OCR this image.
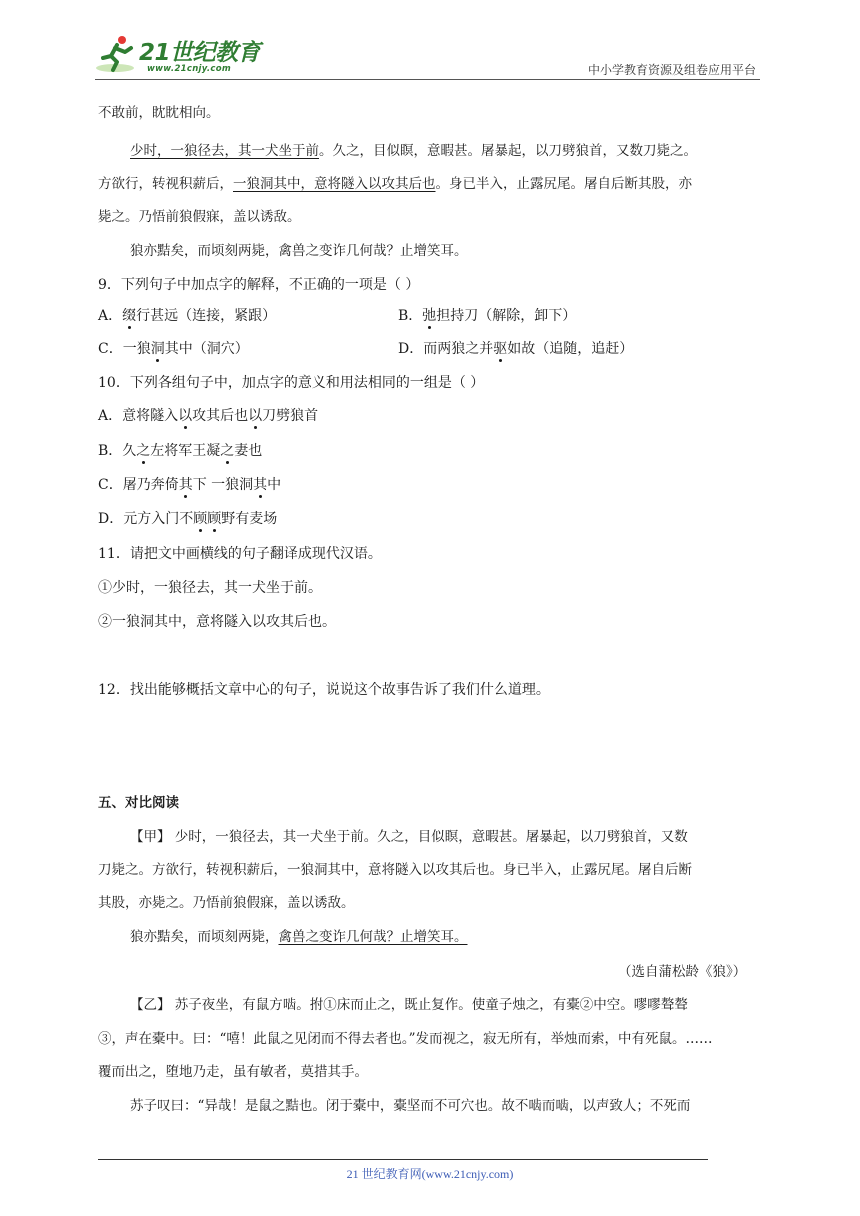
21世纪教育
www.21cnjy.com	中小学教育资源及组卷应用平台
不敢前，眈眈相向。
少时，一狼径去，其一犬坐于前。久之，目似瞑，意暇甚。屠暴起，以刀劈狼首，又数刀毙之。
方欲行，转视积薪后，一狼洞其中，意将隧入以攻其后也。身已半入，止露尻尾。屠自后断其股，亦
毙之。乃悟前狼假寐，盖以诱敌。
狼亦黠矣，而顷刻两毙，禽兽之变诈几何哉？止增笑耳。
9．下列句子中加点字的解释，不正确的一项是（ ）
A．缀行甚远（连接，紧跟）	B．弛担持刀（解除，卸下）
C．一狼洞其中（洞穴）	D．而两狼之并驱如故（追随，追赶）
10．下列各组句子中，加点字的意义和用法相同的一组是（ ）
A．意将隧入以攻其后也以刀劈狼首
B．久之左将军王凝之妻也
C．屠乃奔倚其下 一狼洞其中
D．元方入门不顾顾野有麦场
11．请把文中画横线的句子翻译成现代汉语。
①少时，一狼径去，其一犬坐于前。
②一狼洞其中，意将隧入以攻其后也。
12．找出能够概括文章中心的句子，说说这个故事告诉了我们什么道理。
五、对比阅读
【甲】 少时，一狼径去，其一犬坐于前。久之，目似瞑，意暇甚。屠暴起，以刀劈狼首，又数
刀毙之。方欲行，转视积薪后，一狼洞其中，意将隧入以攻其后也。身已半入，止露尻尾。屠自后断
其股，亦毙之。乃悟前狼假寐，盖以诱敌。
狼亦黠矣，而顷刻两毙，禽兽之变诈几何哉？止增笑耳。
（选自蒲松龄《狼》）
【乙】 苏子夜坐，有鼠方啮。拊①床而止之，既止复作。使童子烛之，有橐②中空。嘐嘐聱聱
③，声在橐中。曰：“嘻！此鼠之见闭而不得去者也。”发而视之，寂无所有，举烛而索，中有死鼠。……
覆而出之，堕地乃走，虽有敏者，莫措其手。
苏子叹曰：“异哉！是鼠之黠也。闭于橐中，橐坚而不可穴也。故不啮而啮，以声致人；不死而
21 世纪教育网(www.21cnjy.com)
